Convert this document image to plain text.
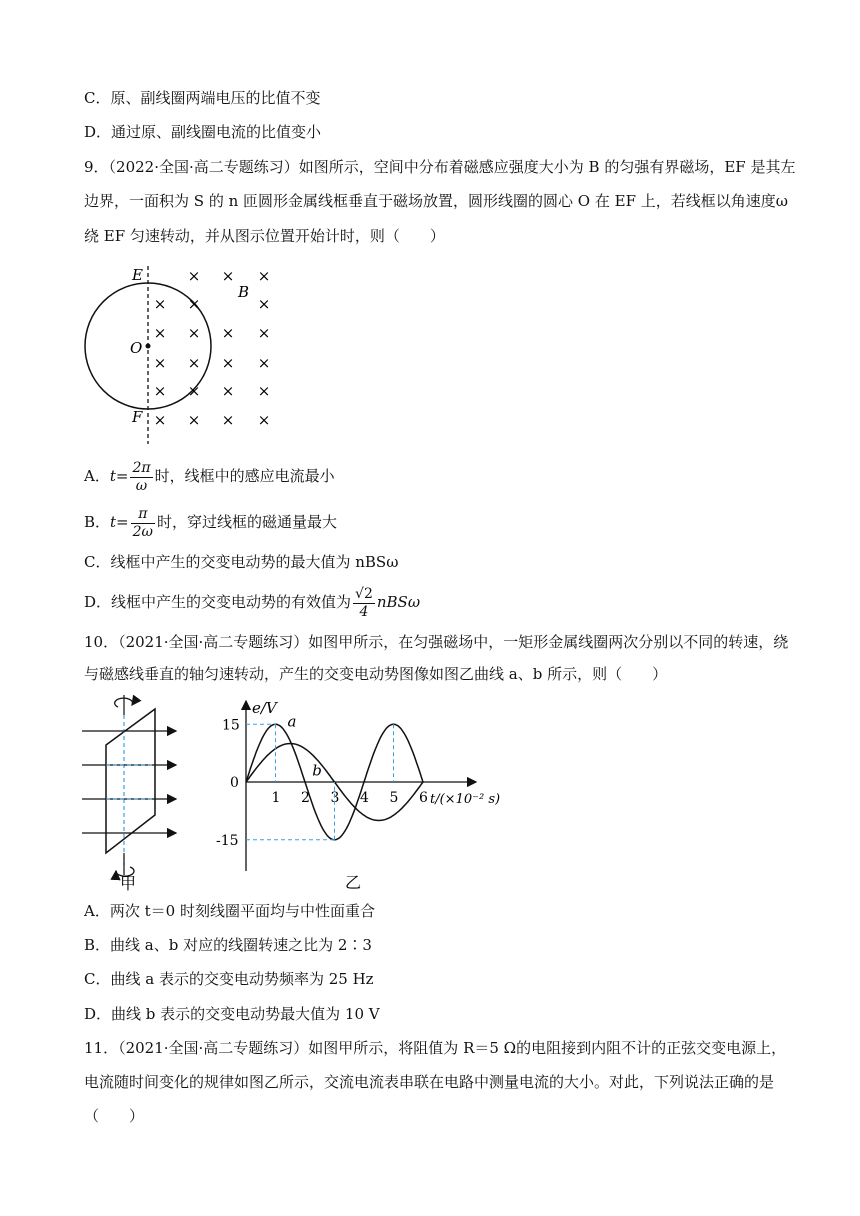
C．原、副线圈两端电压的比值不变
D．通过原、副线圈电流的比值变小
9．（2022·全国·高二专题练习）如图所示，空间中分布着磁感应强度大小为 B 的匀强有界磁场，EF 是其左
边界，一面积为 S 的 n 匝圆形金属线框垂直于磁场放置，圆形线圈的圆心 O 在 EF 上，若线框以角速度ω
绕 EF 匀速转动，并从图示位置开始计时，则（　　）
E
F
O
B
× × ×
× ×	×
× × × ×
× × × ×
× × × ×
× × × ×
A．$t= \frac{2\pi}{\omega}$ 时，线框中的感应电流最小
B．$t= \frac{\pi}{2\omega}$ 时，穿过线框的磁通量最大
C．线框中产生的交变电动势的最大值为 nBSω
D．线框中产生的交变电动势的有效值为 $\frac{√2}{4}$ nBSω
10．（2021·全国·高二专题练习）如图甲所示，在匀强磁场中，一矩形金属线圈两次分别以不同的转速，绕
与磁感线垂直的轴匀速转动，产生的交变电动势图像如图乙曲线 a、b 所示，则（　　）
甲
e/V
t/(×10⁻² s)
1 2 3 4 5 6
15
0
-15
a
b
乙
A．两次 t＝0 时刻线圈平面均与中性面重合
B．曲线 a、b 对应的线圈转速之比为 2∶3
C．曲线 a 表示的交变电动势频率为 25 Hz
D．曲线 b 表示的交变电动势最大值为 10 V
11．（2021·全国·高二专题练习）如图甲所示，将阻值为 R＝5 Ω的电阻接到内阻不计的正弦交变电源上，
电流随时间变化的规律如图乙所示，交流电流表串联在电路中测量电流的大小。对此，下列说法正确的是
（　　）
